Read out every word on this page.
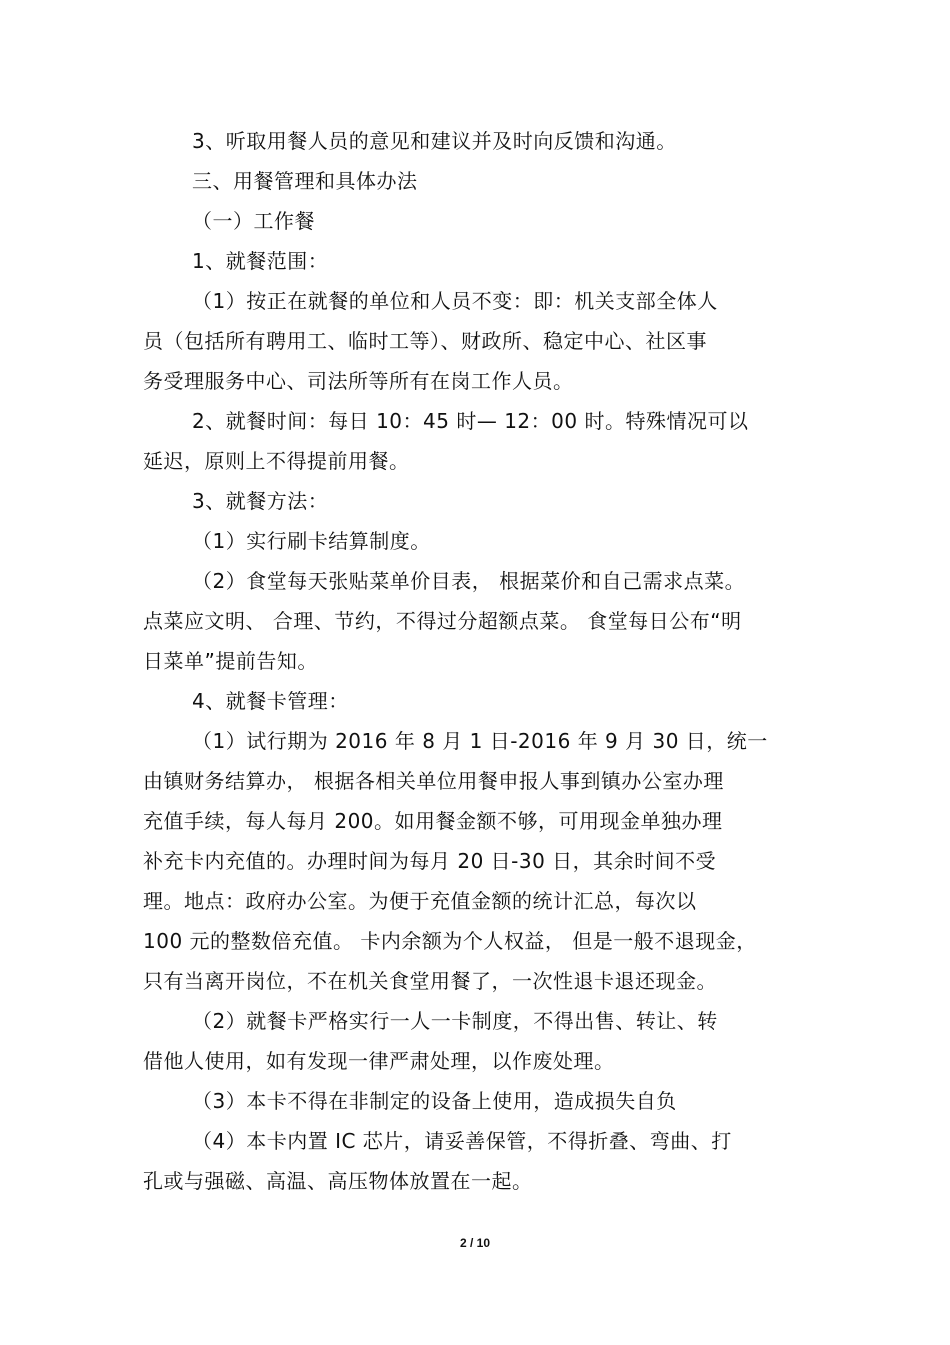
3、听取用餐人员的意见和建议并及时向反馈和沟通。
三、用餐管理和具体办法
（一）工作餐
1、就餐范围：
（1）按正在就餐的单位和人员不变：即：机关支部全体人
员（包括所有聘用工、临时工等）、财政所、稳定中心、社区事
务受理服务中心、司法所等所有在岗工作人员。
2、就餐时间：每日 10：45 时— 12：00 时。特殊情况可以
延迟，原则上不得提前用餐。
3、就餐方法：
（1）实行刷卡结算制度。
（2）食堂每天张贴菜单价目表， 根据菜价和自己需求点菜。
点菜应文明、 合理、节约，不得过分超额点菜。 食堂每日公布“明
日菜单”提前告知。
4、就餐卡管理：
（1）试行期为 2016 年 8 月 1 日-2016 年 9 月 30 日，统一
由镇财务结算办， 根据各相关单位用餐申报人事到镇办公室办理
充值手续，每人每月 200。如用餐金额不够，可用现金单独办理
补充卡内充值的。办理时间为每月 20 日-30 日，其余时间不受
理。地点：政府办公室。为便于充值金额的统计汇总，每次以
100 元的整数倍充值。 卡内余额为个人权益， 但是一般不退现金，
只有当离开岗位，不在机关食堂用餐了，一次性退卡退还现金。
（2）就餐卡严格实行一人一卡制度，不得出售、转让、转
借他人使用，如有发现一律严肃处理，以作废处理。
（3）本卡不得在非制定的设备上使用，造成损失自负
（4）本卡内置 IC 芯片，请妥善保管，不得折叠、弯曲、打
孔或与强磁、高温、高压物体放置在一起。
2 / 10
